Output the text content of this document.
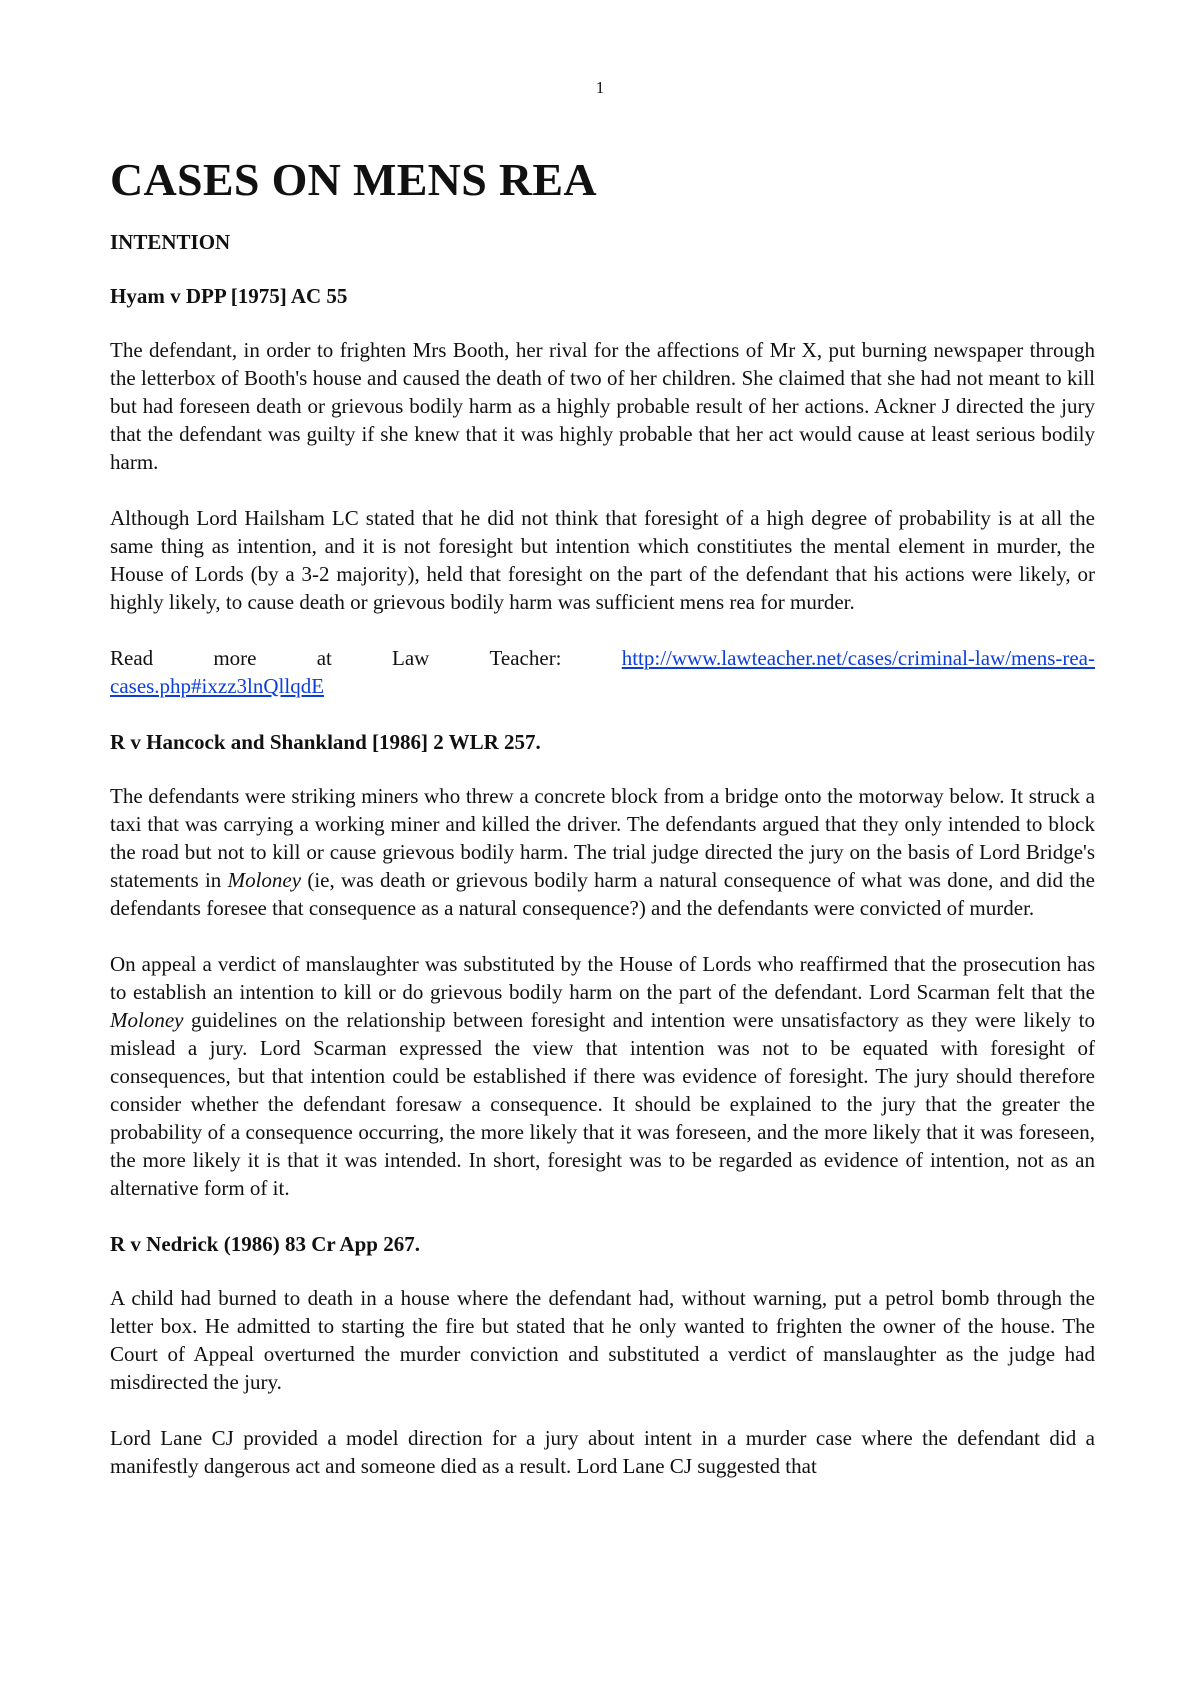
1
CASES ON MENS REA
INTENTION
Hyam v DPP [1975] AC 55

The defendant, in order to frighten Mrs Booth, her rival for the affections of Mr X, put burning newspaper through the letterbox of Booth's house and caused the death of two of her children. She claimed that she had not meant to kill but had foreseen death or grievous bodily harm as a highly probable result of her actions. Ackner J directed the jury that the defendant was guilty if she knew that it was highly probable that her act would cause at least serious bodily harm.

Although Lord Hailsham LC stated that he did not think that foresight of a high degree of probability is at all the same thing as intention, and it is not foresight but intention which constitiutes the mental element in murder, the House of Lords (by a 3-2 majority), held that foresight on the part of the defendant that his actions were likely, or highly likely, to cause death or grievous bodily harm was sufficient mens rea for murder.

Read	more	at	Law	Teacher:	http://www.lawteacher.net/cases/criminal-law/mens-rea-
cases.php#ixzz3lnQllqdE

R v Hancock and Shankland [1986] 2 WLR 257.

The defendants were striking miners who threw a concrete block from a bridge onto the motorway below. It struck a taxi that was carrying a working miner and killed the driver. The defendants argued that they only intended to block the road but not to kill or cause grievous bodily harm. The trial judge directed the jury on the basis of Lord Bridge's statements in Moloney (ie, was death or grievous bodily harm a natural consequence of what was done, and did the defendants foresee that consequence as a natural consequence?) and the defendants were convicted of murder.

On appeal a verdict of manslaughter was substituted by the House of Lords who reaffirmed that the prosecution has to establish an intention to kill or do grievous bodily harm on the part of the defendant. Lord Scarman felt that the Moloney guidelines on the relationship between foresight and intention were unsatisfactory as they were likely to mislead a jury. Lord Scarman expressed the view that intention was not to be equated with foresight of consequences, but that intention could be established if there was evidence of foresight. The jury should therefore consider whether the defendant foresaw a consequence. It should be explained to the jury that the greater the probability of a consequence occurring, the more likely that it was foreseen, and the more likely that it was foreseen, the more likely it is that it was intended. In short, foresight was to be regarded as evidence of intention, not as an alternative form of it.

R v Nedrick (1986) 83 Cr App 267.

A child had burned to death in a house where the defendant had, without warning, put a petrol bomb through the letter box. He admitted to starting the fire but stated that he only wanted to frighten the owner of the house. The Court of Appeal overturned the murder conviction and substituted a verdict of manslaughter as the judge had misdirected the jury.

Lord Lane CJ provided a model direction for a jury about intent in a murder case where the defendant did a manifestly dangerous act and someone died as a result. Lord Lane CJ suggested that
